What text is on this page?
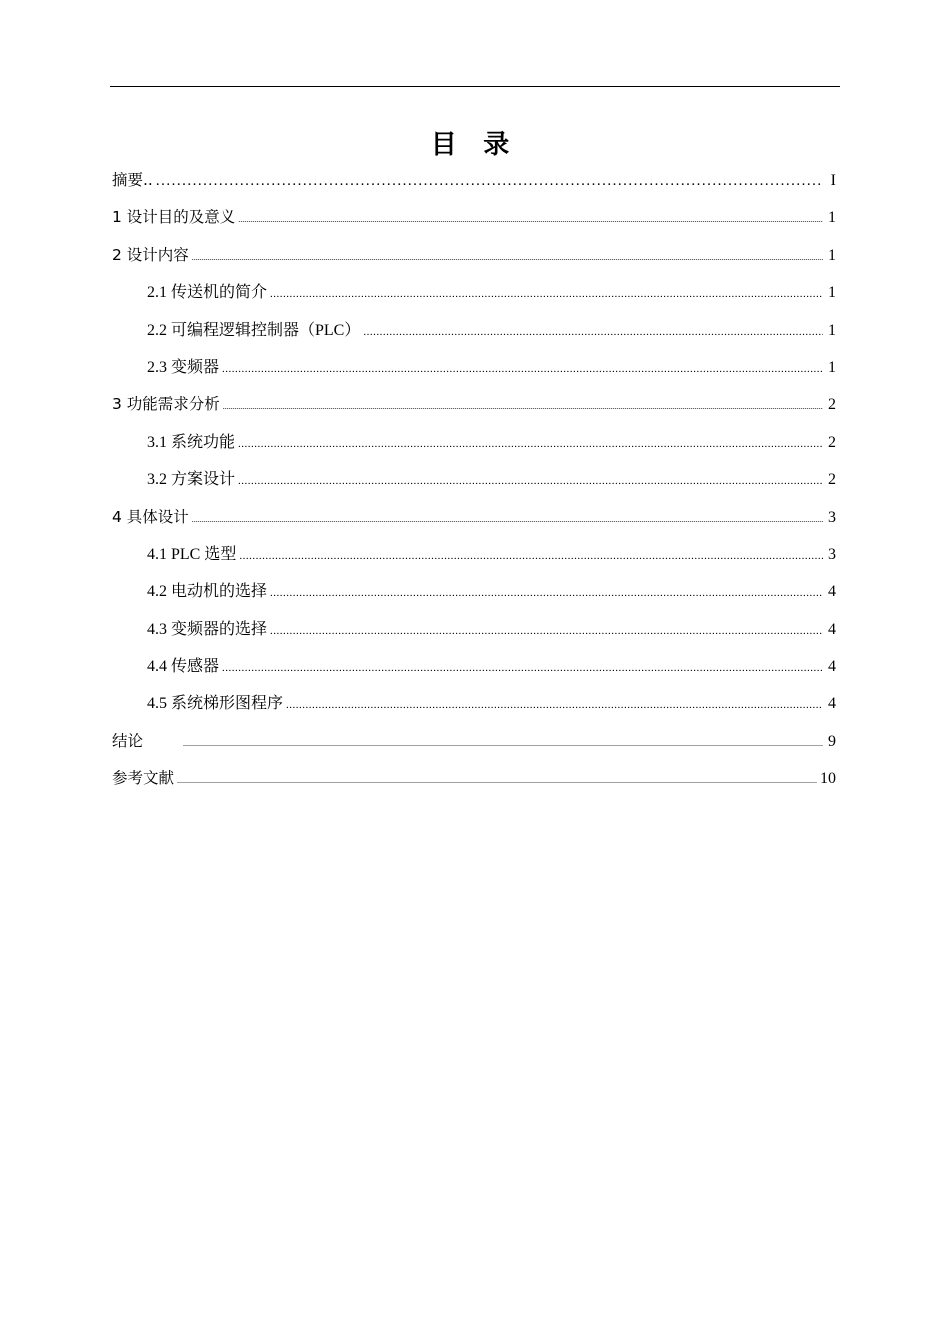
目 录
摘要.. .....	I
1 设计目的及意义 .....	1
2 设计内容 .....	1
2.1 传送机的简介 .....	1
2.2 可编程逻辑控制器（PLC） .....	1
2.3 变频器 .....	1
3 功能需求分析 .....	2
3.1 系统功能 .....	2
3.2 方案设计 .....	2
4 具体设计 .....	3
4.1 PLC 选型 .....	3
4.2 电动机的选择 .....	4
4.3 变频器的选择 .....	4
4.4 传感器 .....	4
4.5 系统梯形图程序 .....	4
结论 .....	9
参考文献 .....	10
